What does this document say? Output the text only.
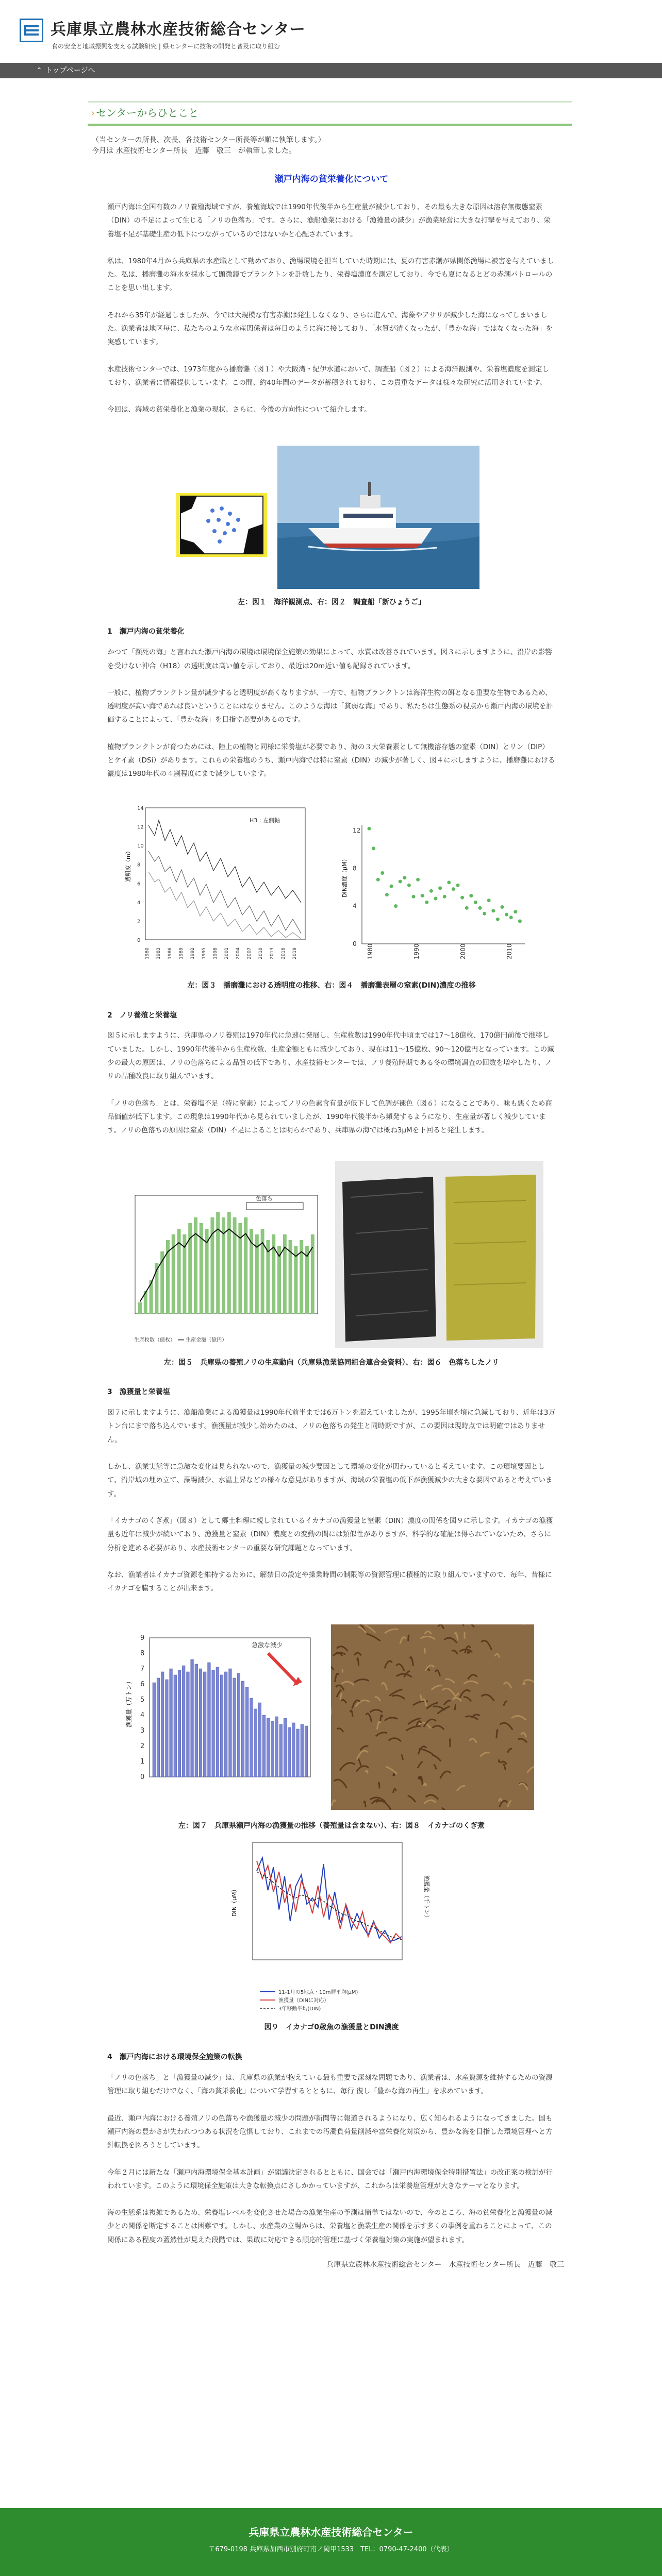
兵庫県立農林水産技術総合センター
食の安全と地域振興を支える試験研究 | 県センターに技術の開発と普及に取り組む
⌃ トップページへ
› センターからひとこと

（当センターの所長、次長、各技術センター所長等が順に執筆します。）

今月は 水産技術センター所長　近藤　敬三　が執筆しました。

瀬戸内海の貧栄養化について

瀬戸内海は全国有数のノリ養殖海域ですが、養殖海域では1990年代後半から生産量が減少しており、その最も大きな原因は溶存無機態窒素（DIN）の不足によって生じる「ノリの色落ち」です。さらに、漁船漁業における「漁獲量の減少」が漁業経営に大きな打撃を与えており、栄養塩不足が基礎生産の低下につながっているのではないかと心配されています。

私は、1980年4月から兵庫県の水産職として勤めており、漁場環境を担当していた時期には、夏の有害赤潮が県関係漁場に被害を与えていました。私は、播磨灘の海水を採水して顕微鏡でプランクトンを計数したり、栄養塩濃度を測定しており、今でも夏になるとどの赤潮パトロールのことを思い出します。

それから35年が経過しましたが、今では大規模な有害赤潮は発生しなくなり、さらに進んで、海藻やアサリが減少した海になってしまいました。漁業者は地区毎に、私たちのような水産関係者は毎日のように海に接しており、「水質が清くなったが、「豊かな海」ではなくなった海」を実感しています。

水産技術センターでは、1973年度から播磨灘（図１）や大阪湾・紀伊水道において、調査船（図２）による海洋観測や、栄養塩濃度を測定しており、漁業者に情報提供しています。この間、約40年間のデータが蓄積されており、この貴重なデータは様々な研究に活用されています。

今回は、海域の貧栄養化と漁業の現状、さらに、今後の方向性について紹介します。

左：図１　海洋観測点、右：図２　調査船「新ひょうご」

1　瀬戸内海の貧栄養化

かつて「瀕死の海」と言われた瀬戸内海の環境は環境保全施策の効果によって、水質は改善されています。図３に示しますように、沿岸の影響を受けない沖合（H18）の透明度は高い値を示しており、最近は20m近い値も記録されています。

一般に、植物プランクトン量が減少すると透明度が高くなりますが、一方で、植物プランクトンは海洋生物の餌となる重要な生物であるため、透明度が高い海であれば良いということにはなりません。このような海は「貧弱な海」であり、私たちは生態系の視点から瀬戸内海の環境を評価することによって、「豊かな海」を目指す必要があるのです。

植物プランクトンが育つためには、陸上の植物と同様に栄養塩が必要であり、海の３大栄養素として無機溶存態の窒素（DIN）とリン（DIP）とケイ素（DSi）があります。これらの栄養塩のうち、瀬戸内海では特に窒素（DIN）の減少が著しく、図４に示しますように、播磨灘における濃度は1980年代の４割程度にまで減少しています。

透明度（m）
0
2
4
6
8
10
12
14
H3 : 左側軸
1980 1983 1986 1989 1992 1995 1998 2001 2004 2007 2010 2013 2016 2019
DIN濃度（μM）
0
4
8
12
1980	1990	2000	2010

左：図３　播磨灘における透明度の推移、右：図４　播磨灘表層の窒素(DIN)濃度の推移

2　ノリ養殖と栄養塩

図５に示しますように、兵庫県のノリ養殖は1970年代に急速に発展し、生産枚数は1990年代中頃までは17～18億枚、170億円前後で推移していました。しかし、1990年代後半から生産枚数、生産金額ともに減少しており、現在は11～15億枚、90～120億円となっています。この減少の最大の原因は、ノリの色落ちによる品質の低下であり、水産技術センターでは、ノリ養殖時期である冬の環境調査の回数を増やしたり、ノリの品種改良に取り組んでいます。

「ノリの色落ち」とは、栄養塩不足（特に窒素）によってノリの色素含有量が低下して色調が褪色（図６）になることであり、味も悪くため商品価値が低下します。この現象は1990年代から見られていましたが、1990年代後半から頻発するようになり、生産量が著しく減少しています。ノリの色落ちの原因は窒素（DIN）不足によることは明らかであり、兵庫県の海では概ね3μMを下回ると発生します。

色落ち
生産枚数（億枚）　━━ 生産金額（億円）

左：図５　兵庫県の養殖ノリの生産動向（兵庫県漁業協同組合連合会資料）、右：図６　色落ちしたノリ

3　漁獲量と栄養塩

図７に示しますように、漁船漁業による漁獲量は1990年代前半までは6万トンを超えていましたが、1995年頃を境に急減しており、近年は3万トン台にまで落ち込んでいます。漁獲量が減少し始めたのは、ノリの色落ちの発生と同時期ですが、この要因は現時点では明確ではありません。

しかし、漁業実態等に急激な変化は見られないので、漁獲量の減少要因として環境の変化が関わっていると考えています。この環境要因として、沿岸域の埋め立て、藻場減少、水温上昇などの様々な意見がありますが、海域の栄養塩の低下が漁獲減少の大きな要因であると考えています。

「イカナゴのくぎ煮」（図８）として郷土料理に親しまれているイカナゴの漁獲量と窒素（DIN）濃度の関係を図９に示します。イカナゴの漁獲量も近年は減少が続いており、漁獲量と窒素（DIN）濃度との変動の間には類似性がありますが、科学的な確証は得られていないため、さらに分析を進める必要があり、水産技術センターの重要な研究課題となっています。

なお、漁業者はイカナゴ資源を維持するために、解禁日の設定や操業時間の制限等の資源管理に積極的に取り組んでいますので、毎年、昔様にイカナゴを脇することが出来ます。

漁獲量（万トン）
0
1
2
3
4
5
6
7
8
9
急激な減少

左：図７　兵庫県瀬戸内海の漁獲量の推移（養殖量は含まない）、右：図８　イカナゴのくぎ煮

DIN（μM）	漁獲量（千トン）
11-1月の5地点・10m層平均(μM)
漁獲量（DINに対応）
3年移動平均(DIN)

図９　イカナゴ0歳魚の漁獲量とDIN濃度

4　瀬戸内海における環境保全施策の転換

「ノリの色落ち」と「漁獲量の減少」は、兵庫県の漁業が抱えている最も重要で深刻な問題であり、漁業者は、水産資源を維持するための資源管理に取り組むだけでなく、「海の貧栄養化」について学習するとともに、毎行 復し「豊かな海の再生」を求めています。

最近、瀬戸内海における養殖ノリの色落ちや漁獲量の減少の問題が新聞等に報道されるようになり、広く知られるようになってきました。国も瀬戸内海の豊かさが失われつつある状況を危惧しており、これまでの汚濁負荷量削減や富栄養化対策から、豊かな海を目指した環境管理へと方針転換を図ろうとしています。

今年２月には新たな「瀬戸内海環境保全基本計画」が閣議決定されるとともに、国会では「瀬戸内海環境保全特別措置法」の改正案の検討が行われています。このように環境保全施策は大きな転換点にさしかかっていますが、これからは栄養塩管理が大きなテーマとなります。

海の生態系は複雑であるため、栄養塩レベルを変化させた場合の漁業生産の予測は簡単ではないので、今のところ、海の貧栄養化と漁獲量の減少との関係を断定することは困難です。しかし、水産業の立場からは、栄養塩と漁業生産の関係を示す多くの事例を重ねることによって、この関係にある程度の蓋然性が見えた段階では、果敢に対応できる順応的管理に基づく栄養塩対策の実施が望まれます。

兵庫県立農林水産技術総合センター　水産技術センター所長　近藤　敬三

兵庫県立農林水産技術総合センター
〒679-0198 兵庫県加西市別府町南ノ岡甲1533　TEL：0790-47-2400（代表）
